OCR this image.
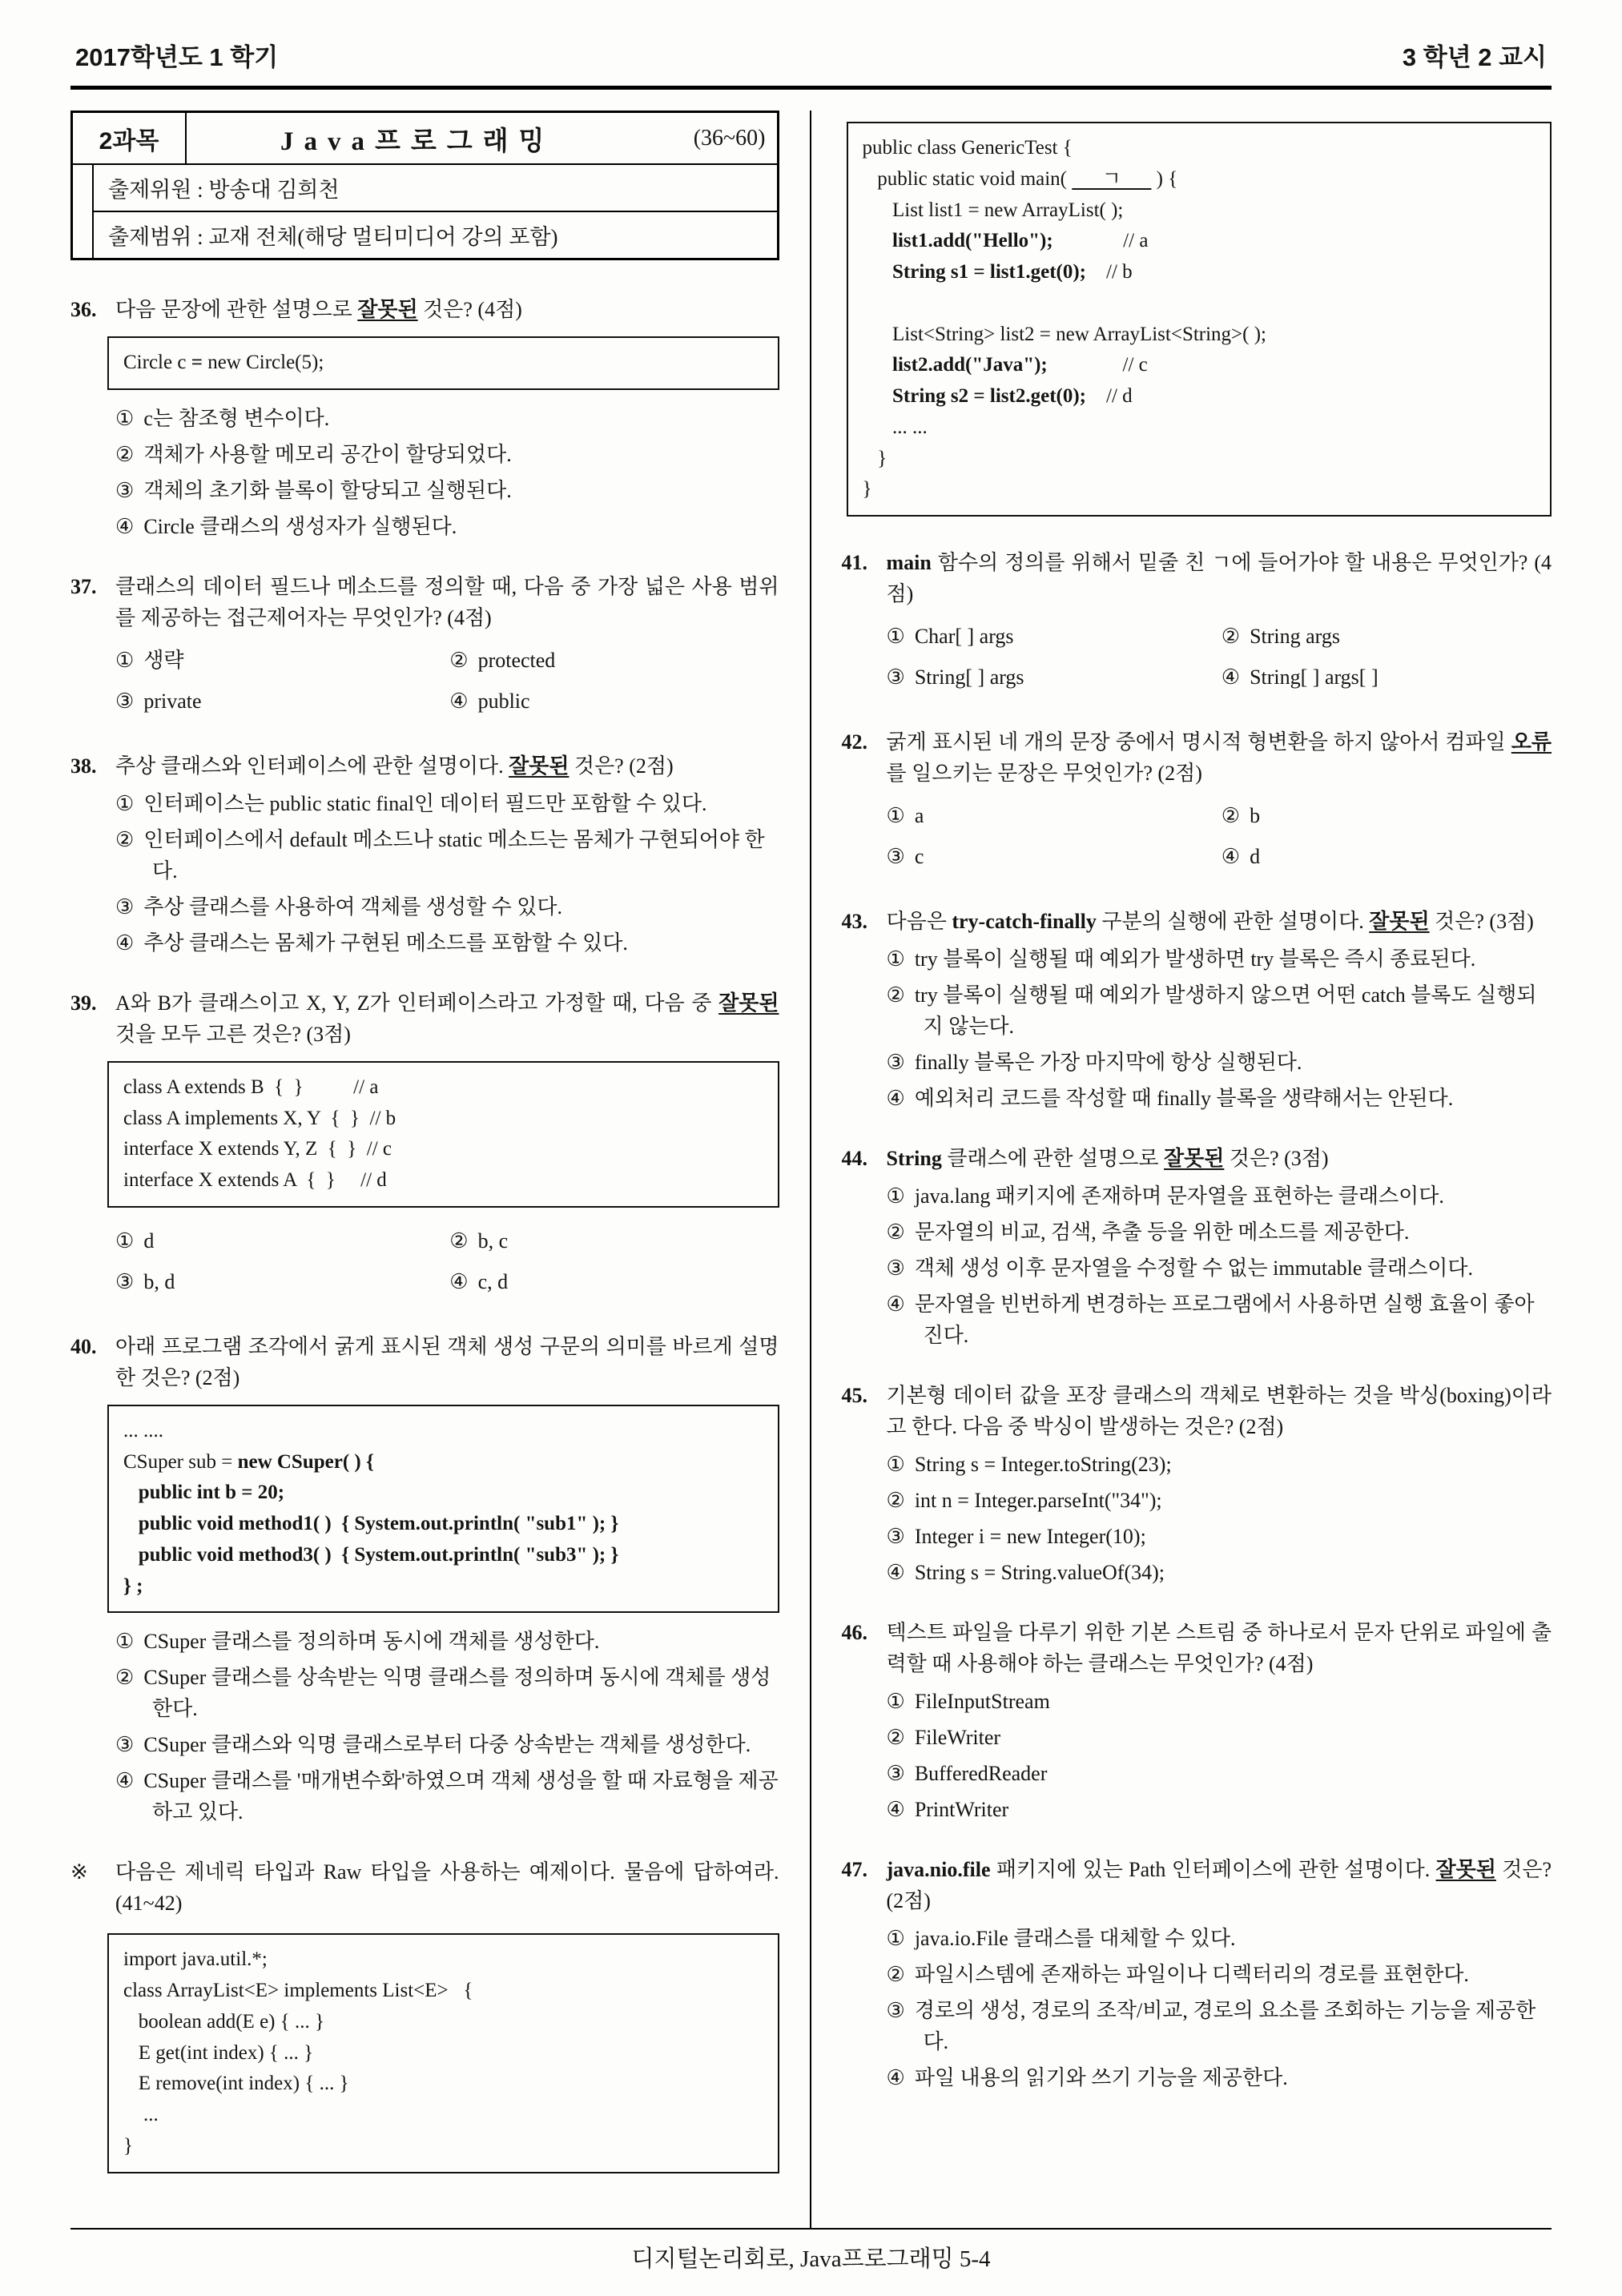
2017학년도 1 학기	3 학년 2 교시
2과목	Java프로그래밍	(36~60)
출제위원 : 방송대 김희천
출제범위 : 교재 전체(해당 멀티미디어 강의 포함)
36. 다음 문장에 관한 설명으로 잘못된 것은? (4점)
Circle c = new Circle(5);
① c는 참조형 변수이다.
② 객체가 사용할 메모리 공간이 할당되었다.
③ 객체의 초기화 블록이 할당되고 실행된다.
④ Circle 클래스의 생성자가 실행된다.
37. 클래스의 데이터 필드나 메소드를 정의할 때, 다음 중 가장 넓은 사용 범위를 제공하는 접근제어자는 무엇인가? (4점)
① 생략	② protected
③ private	④ public
38. 추상 클래스와 인터페이스에 관한 설명이다. 잘못된 것은? (2점)
① 인터페이스는 public static final인 데이터 필드만 포함할 수 있다.
② 인터페이스에서 default 메소드나 static 메소드는 몸체가 구현되어야 한다.
③ 추상 클래스를 사용하여 객체를 생성할 수 있다.
④ 추상 클래스는 몸체가 구현된 메소드를 포함할 수 있다.
39. A와 B가 클래스이고 X, Y, Z가 인터페이스라고 가정할 때, 다음 중 잘못된 것을 모두 고른 것은? (3점)
class A extends B  {  }          // a
class A implements X, Y  {  }  // b
interface X extends Y, Z  {  }  // c
interface X extends A  {  }     // d
① d	② b, c
③ b, d	④ c, d
40. 아래 프로그램 조각에서 굵게 표시된 객체 생성 구문의 의미를 바르게 설명한 것은? (2점)
... ....
CSuper sub = new CSuper( ) {
public int b = 20;
public void method1( )  { System.out.println( "sub1" ); }
public void method3( )  { System.out.println( "sub3" ); }
} ;
① CSuper 클래스를 정의하며 동시에 객체를 생성한다.
② CSuper 클래스를 상속받는 익명 클래스를 정의하며 동시에 객체를 생성한다.
③ CSuper 클래스와 익명 클래스로부터 다중 상속받는 객체를 생성한다.
④ CSuper 클래스를 '매개변수화'하였으며 객체 생성을 할 때 자료형을 제공하고 있다.
※	다음은 제네릭 타입과 Raw 타입을 사용하는 예제이다. 물음에 답하여라. (41~42)
import java.util.*;
class ArrayList<E> implements List<E>   {
boolean add(E e) { ... }
E get(int index) { ... }
E remove(int index) { ... }
...
}
public class GenericTest {
public static void main(       ㄱ       ) {
List list1 = new ArrayList( );
list1.add("Hello");              // a
String s1 = list1.get(0);    // b

List<String> list2 = new ArrayList<String>( );
list2.add("Java");               // c
String s2 = list2.get(0);    // d
... ...
}
}
41. main 함수의 정의를 위해서 밑줄 친 ㄱ에 들어가야 할 내용은 무엇인가? (4점)
① Char[ ] args	② String args
③ String[ ] args	④ String[ ] args[ ]
42. 굵게 표시된 네 개의 문장 중에서 명시적 형변환을 하지 않아서 컴파일 오류를 일으키는 문장은 무엇인가? (2점)
① a	② b
③ c	④ d
43. 다음은 try-catch-finally 구분의 실행에 관한 설명이다. 잘못된 것은? (3점)
① try 블록이 실행될 때 예외가 발생하면 try 블록은 즉시 종료된다.
② try 블록이 실행될 때 예외가 발생하지 않으면 어떤 catch 블록도 실행되지 않는다.
③ finally 블록은 가장 마지막에 항상 실행된다.
④ 예외처리 코드를 작성할 때 finally 블록을 생략해서는 안된다.
44. String 클래스에 관한 설명으로 잘못된 것은? (3점)
① java.lang 패키지에 존재하며 문자열을 표현하는 클래스이다.
② 문자열의 비교, 검색, 추출 등을 위한 메소드를 제공한다.
③ 객체 생성 이후 문자열을 수정할 수 없는 immutable 클래스이다.
④ 문자열을 빈번하게 변경하는 프로그램에서 사용하면 실행 효율이 좋아진다.
45. 기본형 데이터 값을 포장 클래스의 객체로 변환하는 것을 박싱(boxing)이라고 한다. 다음 중 박싱이 발생하는 것은? (2점)
① String s = Integer.toString(23);
② int n = Integer.parseInt("34");
③ Integer i = new Integer(10);
④ String s = String.valueOf(34);
46. 텍스트 파일을 다루기 위한 기본 스트림 중 하나로서 문자 단위로 파일에 출력할 때 사용해야 하는 클래스는 무엇인가? (4점)
① FileInputStream
② FileWriter
③ BufferedReader
④ PrintWriter
47. java.nio.file 패키지에 있는 Path 인터페이스에 관한 설명이다. 잘못된 것은? (2점)
① java.io.File 클래스를 대체할 수 있다.
② 파일시스템에 존재하는 파일이나 디렉터리의 경로를 표현한다.
③ 경로의 생성, 경로의 조작/비교, 경로의 요소를 조회하는 기능을 제공한다.
④ 파일 내용의 읽기와 쓰기 기능을 제공한다.
디지털논리회로, Java프로그래밍 5-4
